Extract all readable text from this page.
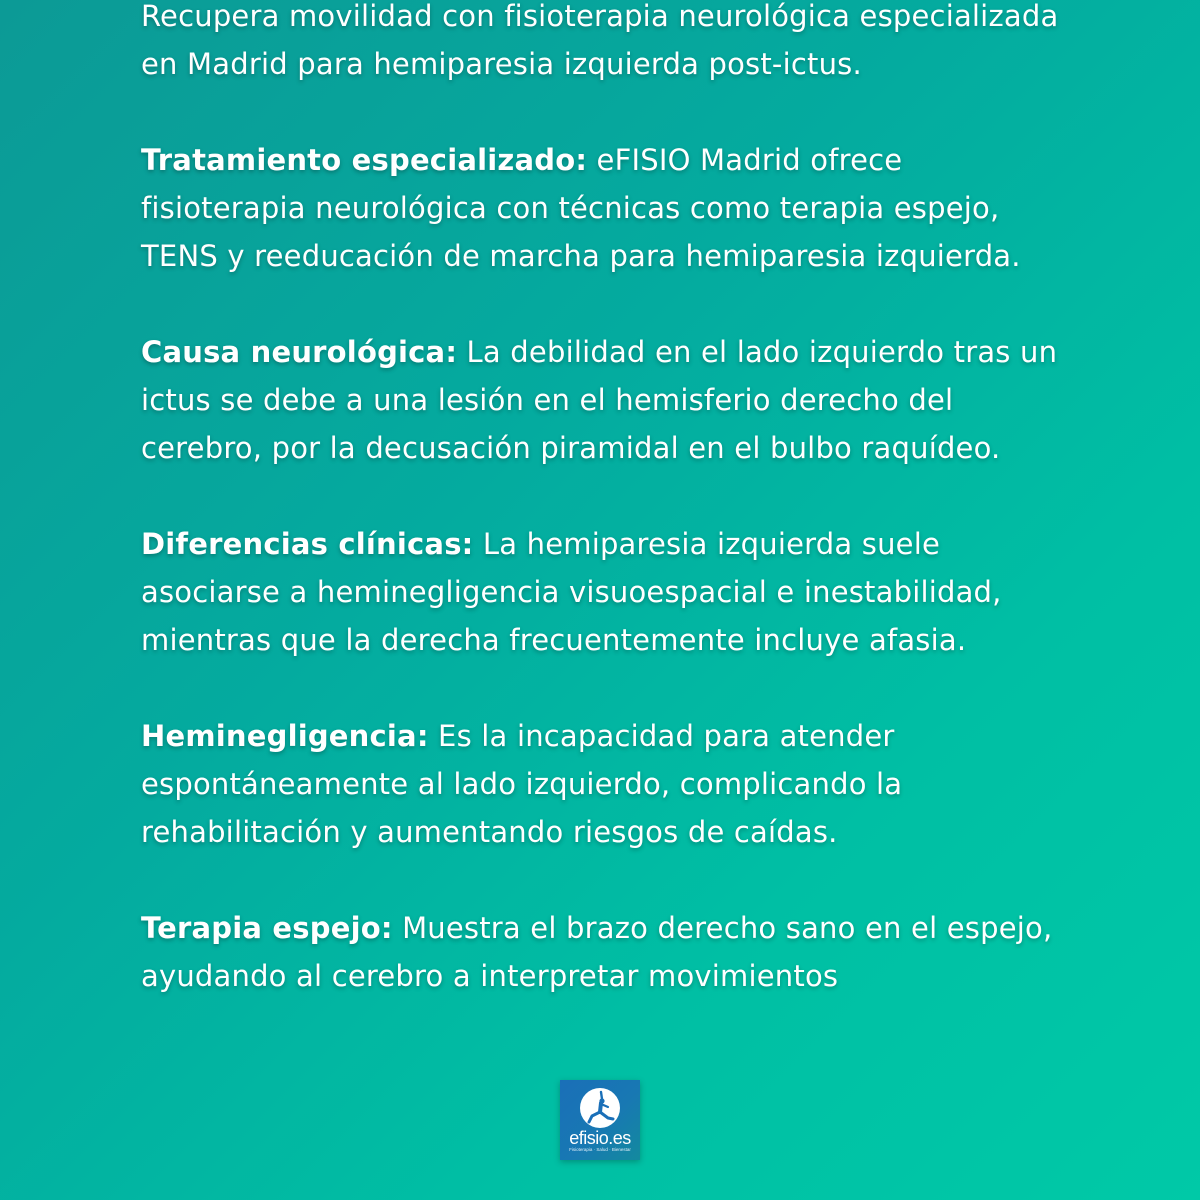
Recupera movilidad con fisioterapia neurológica especializada en Madrid para hemiparesia izquierda post-ictus.

Tratamiento especializado: eFISIO Madrid ofrece fisioterapia neurológica con técnicas como terapia espejo, TENS y reeducación de marcha para hemiparesia izquierda.

Causa neurológica: La debilidad en el lado izquierdo tras un ictus se debe a una lesión en el hemisferio derecho del cerebro, por la decusación piramidal en el bulbo raquídeo.

Diferencias clínicas: La hemiparesia izquierda suele asociarse a heminegligencia visuoespacial e inestabilidad, mientras que la derecha frecuentemente incluye afasia.

Heminegligencia: Es la incapacidad para atender espontáneamente al lado izquierdo, complicando la rehabilitación y aumentando riesgos de caídas.

Terapia espejo: Muestra el brazo derecho sano en el espejo, ayudando al cerebro a interpretar movimientos

efisio.es
Fisioterapia · Salud · Bienestar
